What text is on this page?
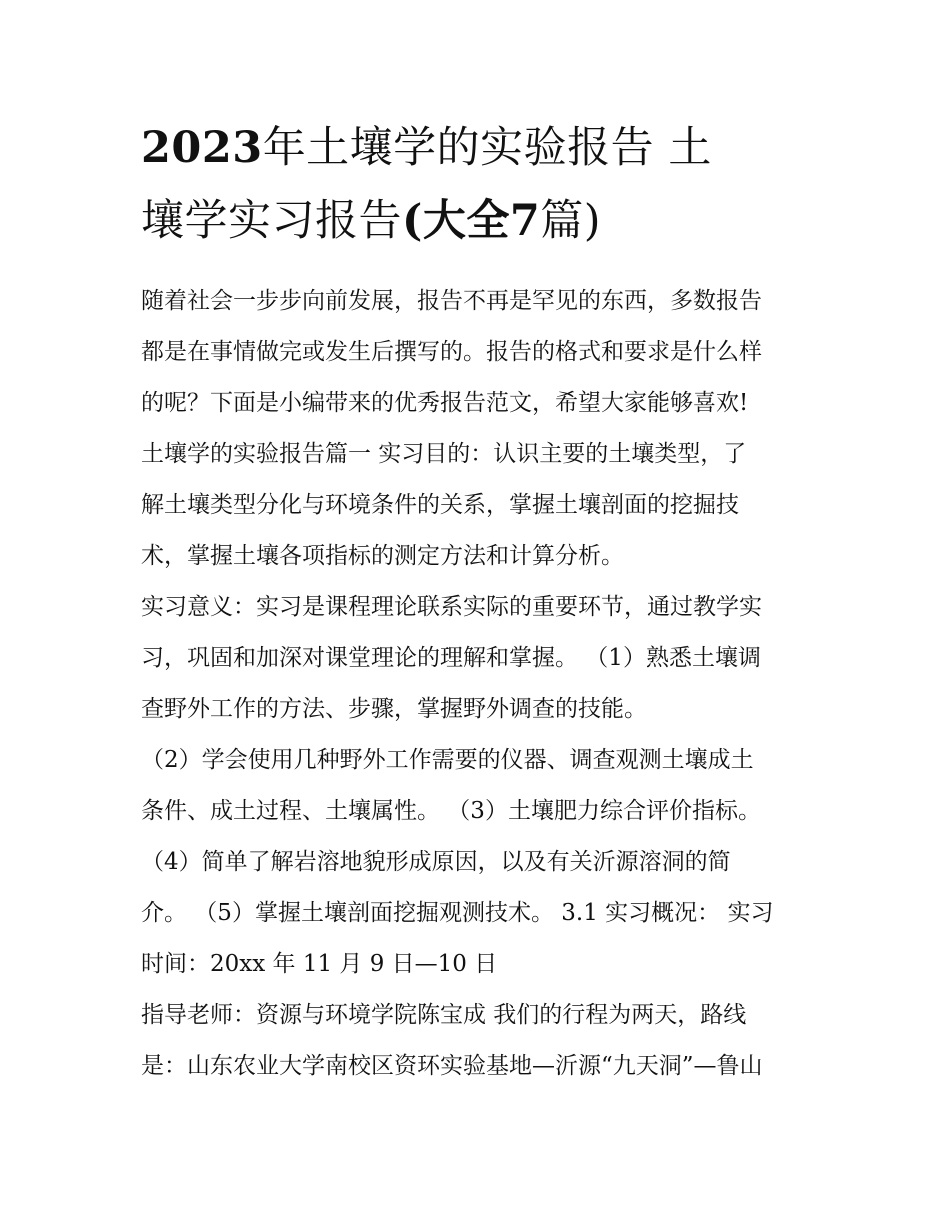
2023年土壤学的实验报告 土
壤学实习报告(大全7篇)
随着社会一步步向前发展，报告不再是罕见的东西，多数报告
都是在事情做完或发生后撰写的。报告的格式和要求是什么样
的呢？下面是小编带来的优秀报告范文，希望大家能够喜欢!
土壤学的实验报告篇一 实习目的：认识主要的土壤类型，了
解土壤类型分化与环境条件的关系，掌握土壤剖面的挖掘技
术，掌握土壤各项指标的测定方法和计算分析。
实习意义：实习是课程理论联系实际的重要环节，通过教学实
习，巩固和加深对课堂理论的理解和掌握。 （1）熟悉土壤调
查野外工作的方法、步骤，掌握野外调查的技能。
（2）学会使用几种野外工作需要的仪器、调查观测土壤成土
条件、成土过程、土壤属性。 （3）土壤肥力综合评价指标。
（4）简单了解岩溶地貌形成原因，以及有关沂源溶洞的简
介。 （5）掌握土壤剖面挖掘观测技术。 3.1 实习概况： 实习
时间：20xx 年 11 月 9 日—10 日
指导老师：资源与环境学院陈宝成 我们的行程为两天，路线
是：山东农业大学南校区资环实验基地—沂源“九天洞”—鲁山
